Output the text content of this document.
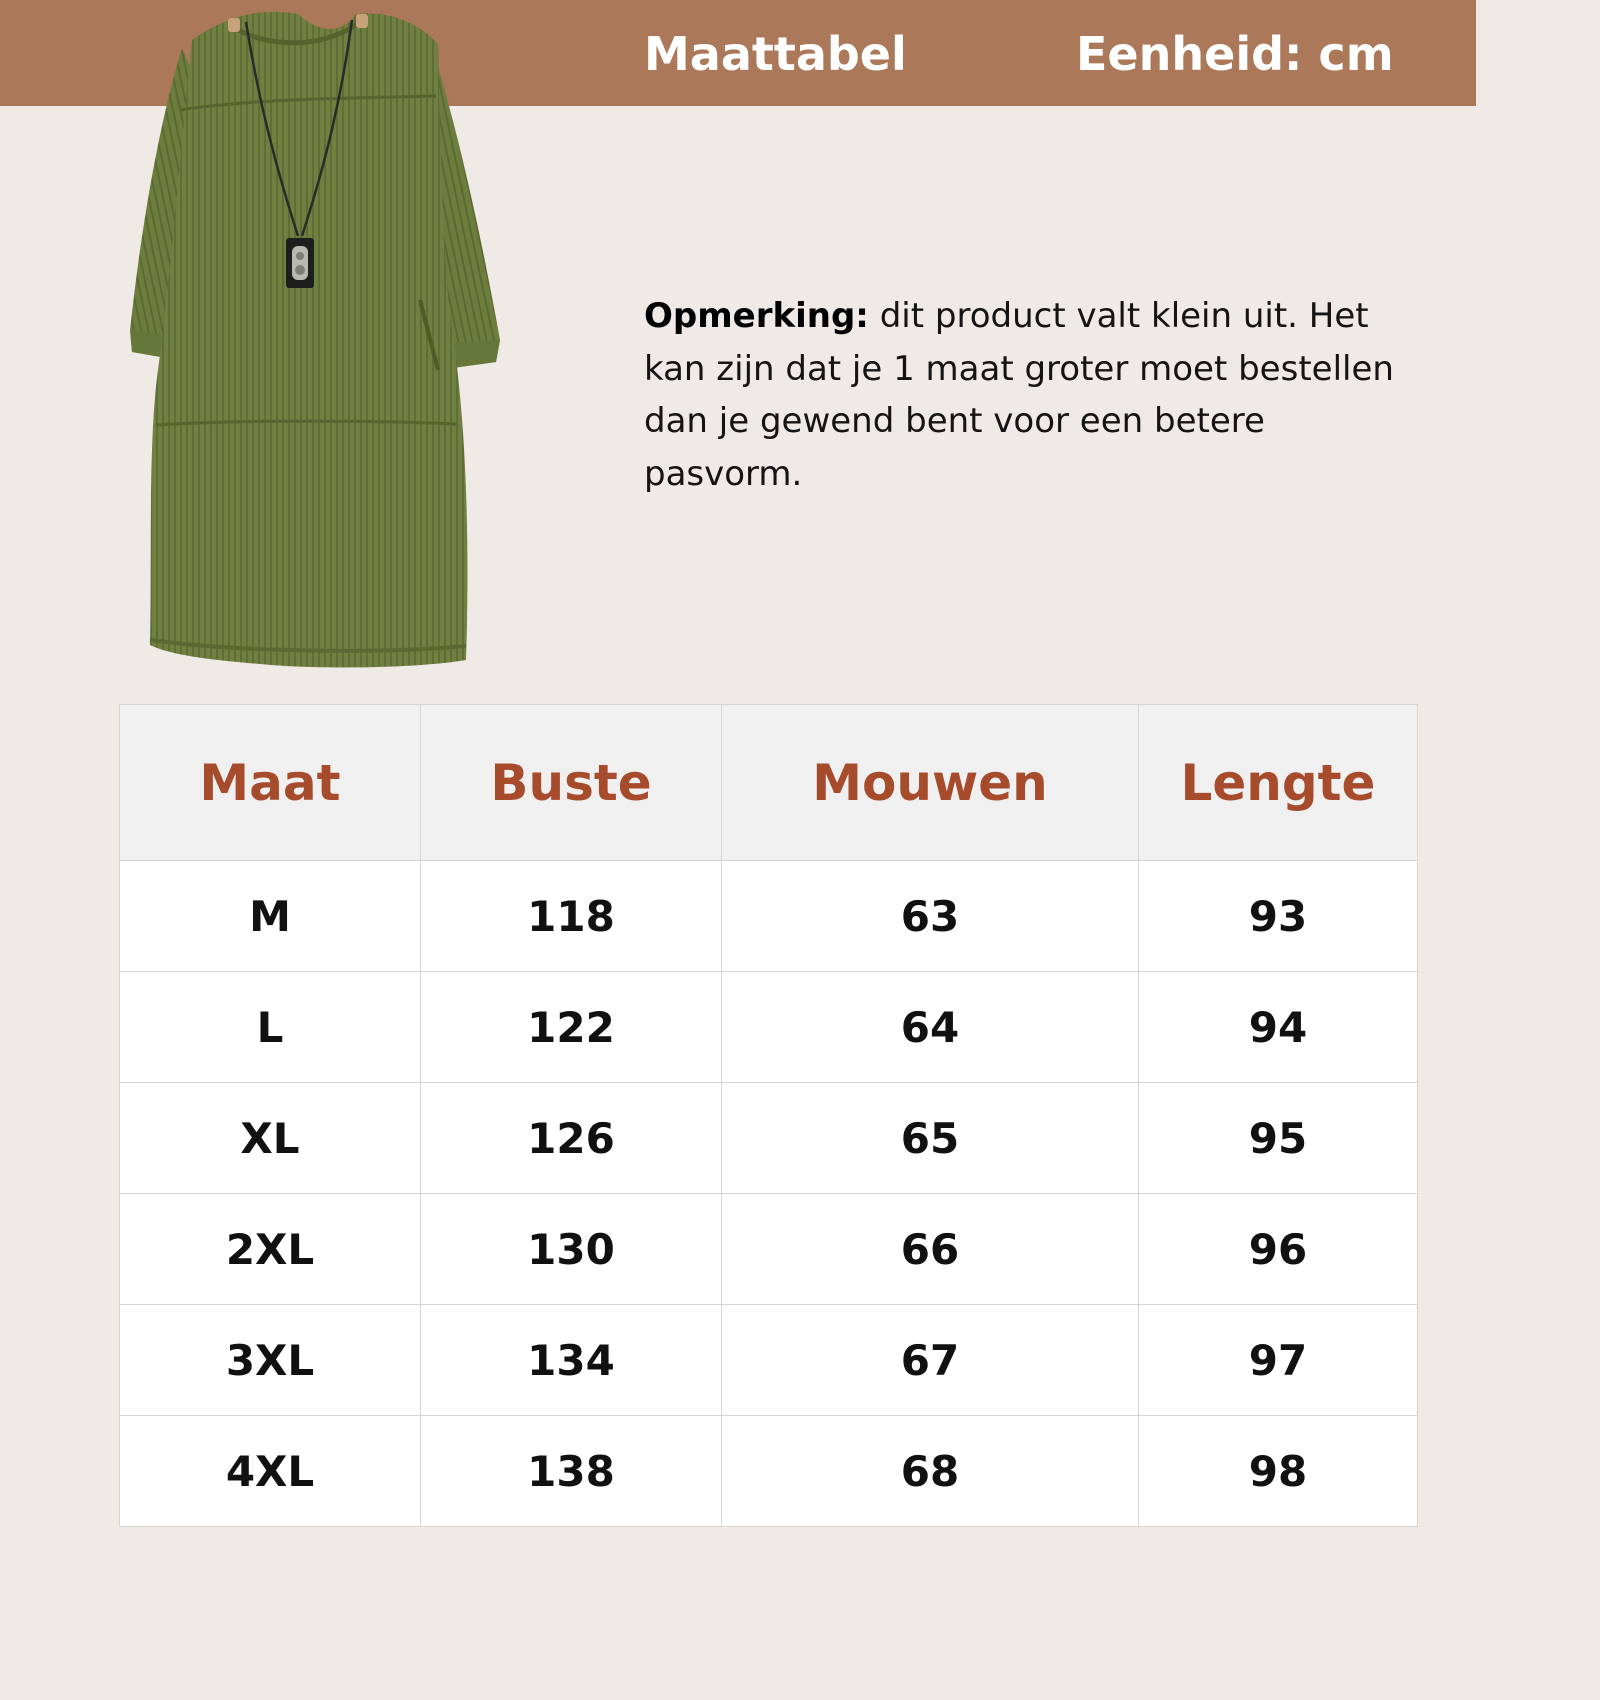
Maattabel	Eenheid: cm
Opmerking: dit product valt klein uit. Het kan zijn dat je 1 maat groter moet bestellen dan je gewend bent voor een betere pasvorm.
Maat	Buste	Mouwen	Lengte
M	118	63	93
L	122	64	94
XL	126	65	95
2XL	130	66	96
3XL	134	67	97
4XL	138	68	98
